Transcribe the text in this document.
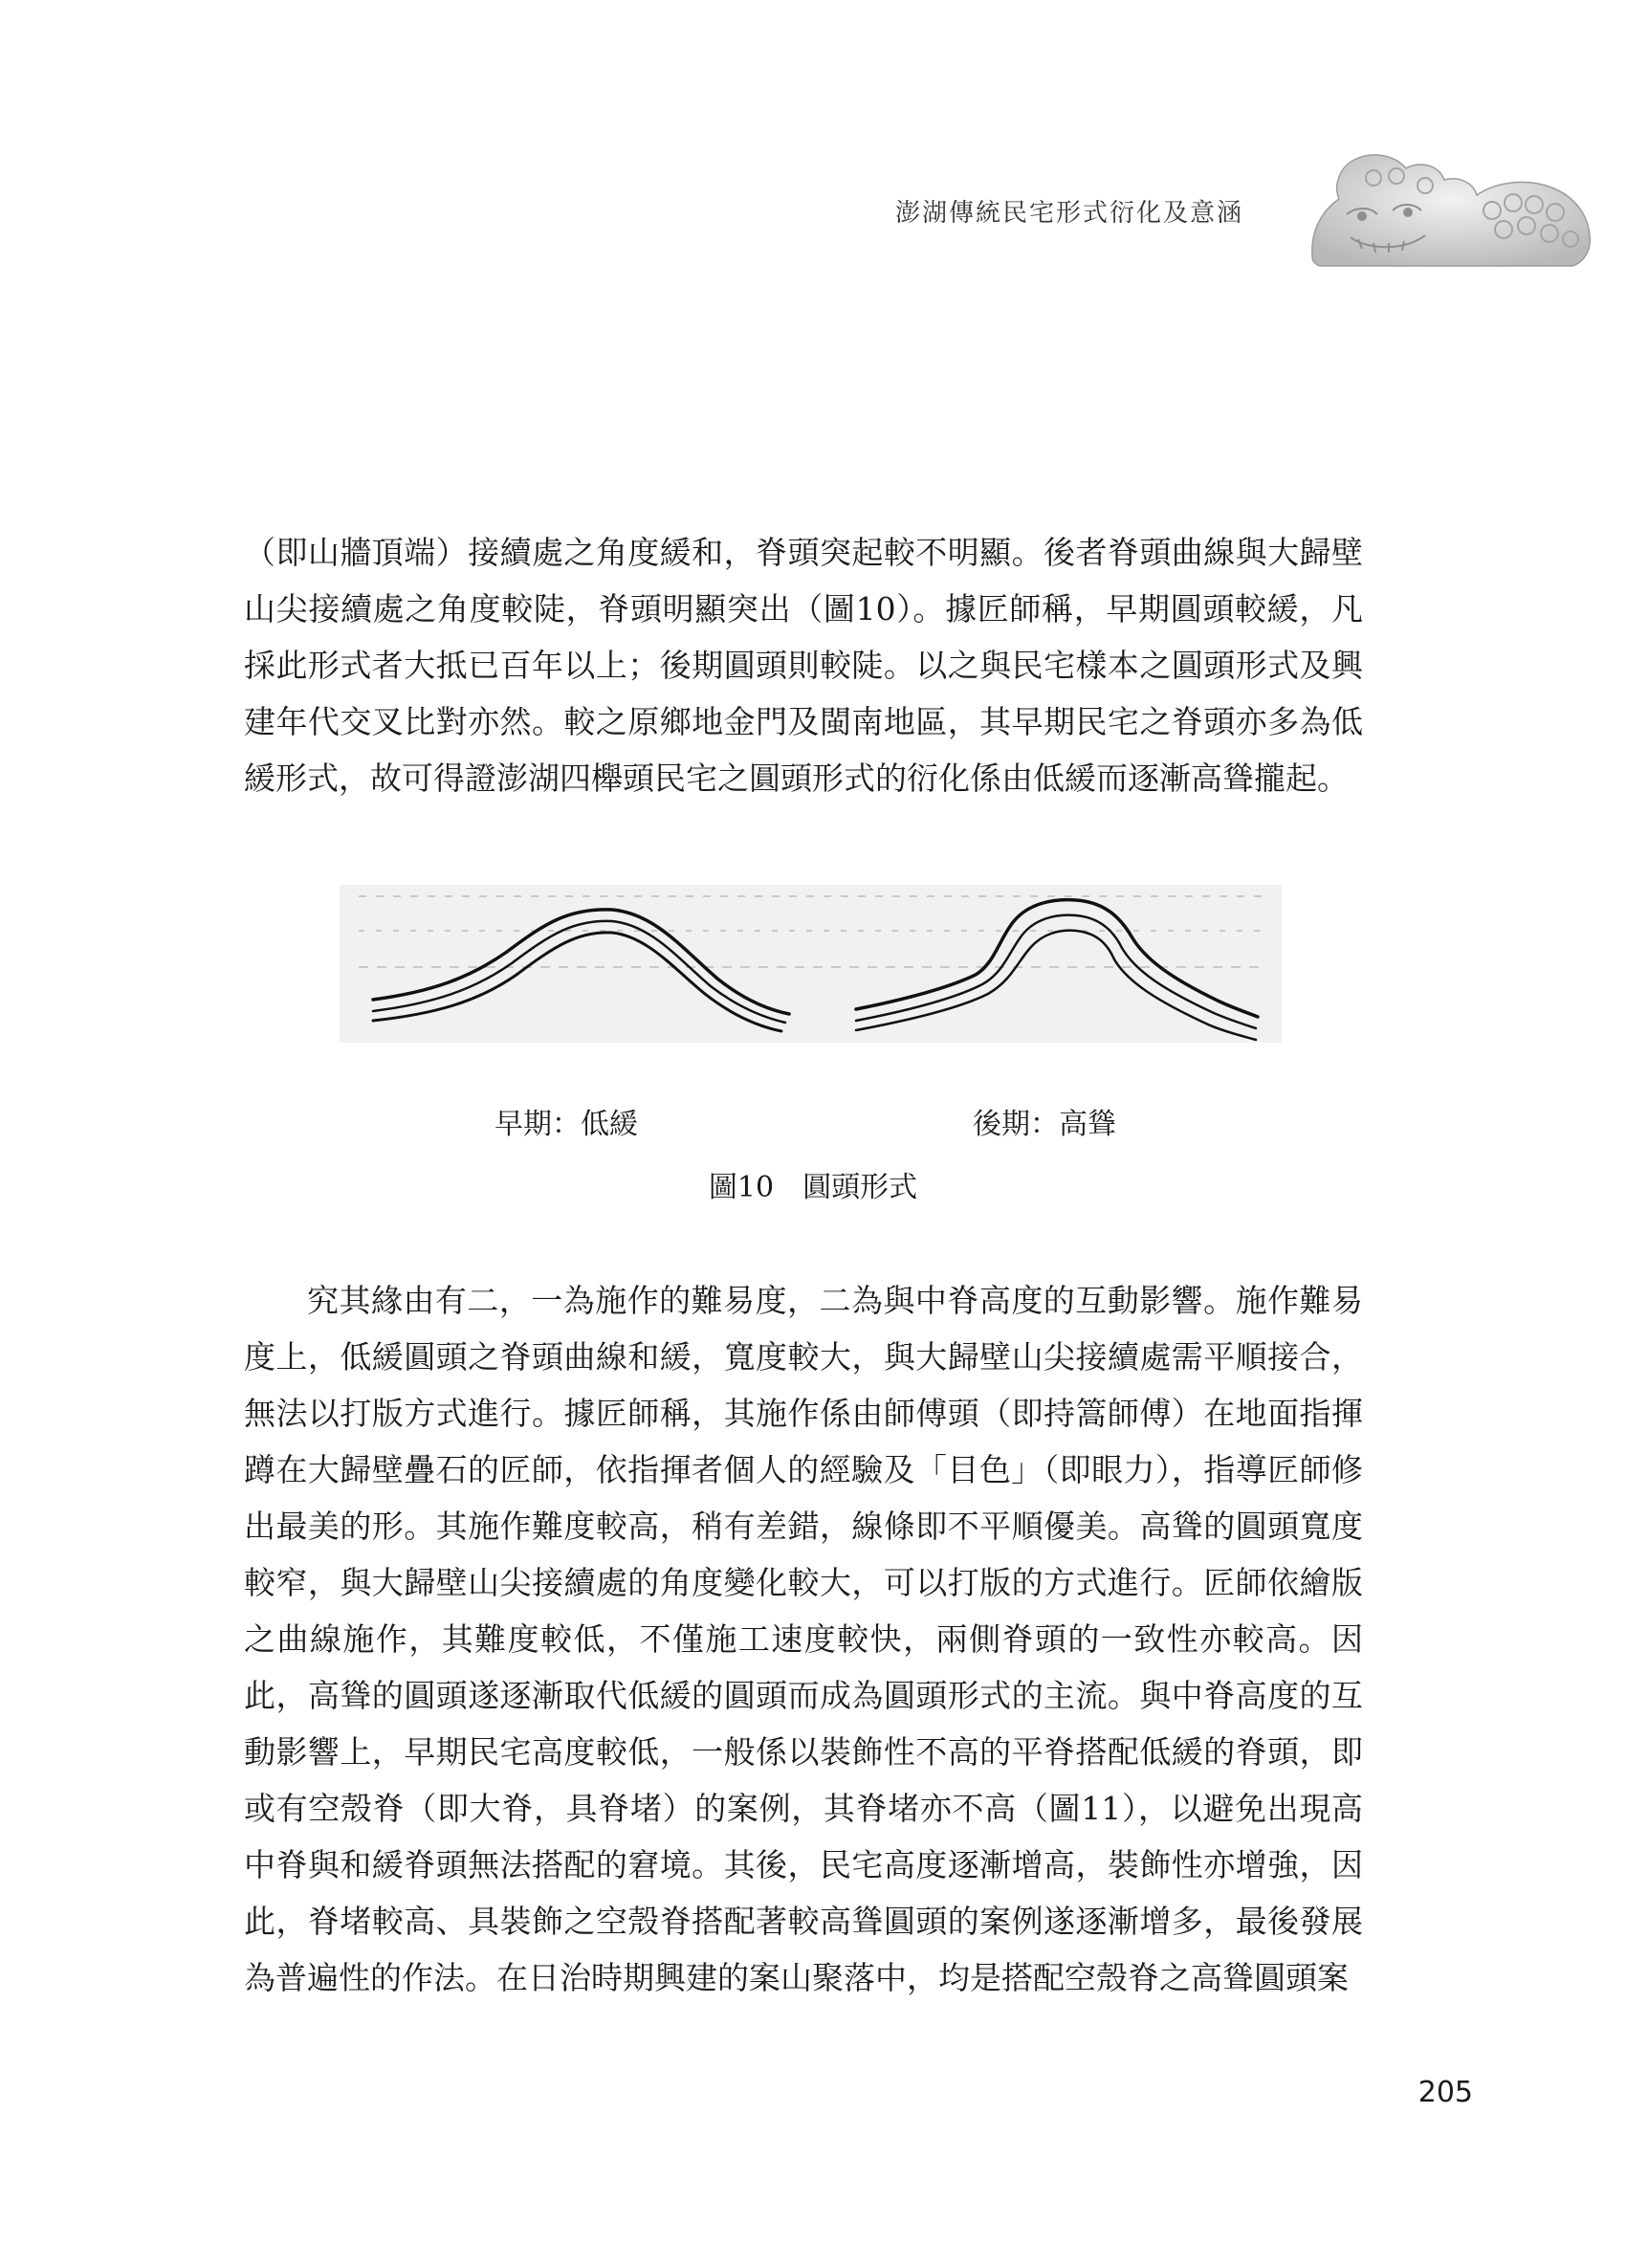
澎湖傳統民宅形式衍化及意涵

（即山牆頂端）接續處之角度緩和，脊頭突起較不明顯。後者脊頭曲線與大歸壁山尖接續處之角度較陡，脊頭明顯突出（圖10）。據匠師稱，早期圓頭較緩，凡採此形式者大抵已百年以上；後期圓頭則較陡。以之與民宅樣本之圓頭形式及興建年代交叉比對亦然。較之原鄉地金門及閩南地區，其早期民宅之脊頭亦多為低緩形式，故可得證澎湖四櫸頭民宅之圓頭形式的衍化係由低緩而逐漸高聳攏起。

早期：低緩	後期：高聳
圖10　圓頭形式

究其緣由有二，一為施作的難易度，二為與中脊高度的互動影響。施作難易度上，低緩圓頭之脊頭曲線和緩，寬度較大，與大歸壁山尖接續處需平順接合，無法以打版方式進行。據匠師稱，其施作係由師傅頭（即持篙師傅）在地面指揮蹲在大歸壁疊石的匠師，依指揮者個人的經驗及「目色」（即眼力），指導匠師修出最美的形。其施作難度較高，稍有差錯，線條即不平順優美。高聳的圓頭寬度較窄，與大歸壁山尖接續處的角度變化較大，可以打版的方式進行。匠師依繪版之曲線施作，其難度較低，不僅施工速度較快，兩側脊頭的一致性亦較高。因此，高聳的圓頭遂逐漸取代低緩的圓頭而成為圓頭形式的主流。與中脊高度的互動影響上，早期民宅高度較低，一般係以裝飾性不高的平脊搭配低緩的脊頭，即或有空殼脊（即大脊，具脊堵）的案例，其脊堵亦不高（圖11），以避免出現高中脊與和緩脊頭無法搭配的窘境。其後，民宅高度逐漸增高，裝飾性亦增強，因此，脊堵較高、具裝飾之空殼脊搭配著較高聳圓頭的案例遂逐漸增多，最後發展為普遍性的作法。在日治時期興建的案山聚落中，均是搭配空殼脊之高聳圓頭案

205
